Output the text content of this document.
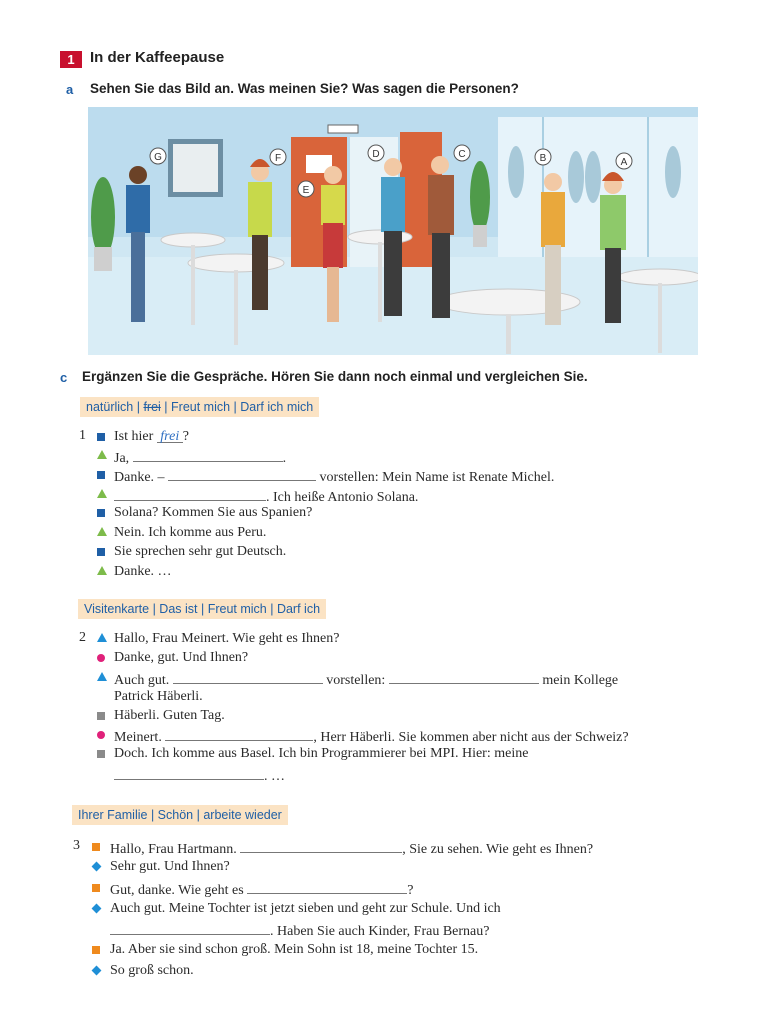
1	In der Kaffeepause
a Sehen Sie das Bild an. Was meinen Sie? Was sagen die Personen?
G	F
E
D	C	B	A
c Ergänzen Sie die Gespräche. Hören Sie dann noch einmal und vergleichen Sie.
natürlich | frei | Freut mich | Darf ich mich
1 Ist hier frei ?
Ja,	.
Danke. –	vorstellen: Mein Name ist Renate Michel.
. Ich heiße Antonio Solana.
Solana? Kommen Sie aus Spanien?
Nein. Ich komme aus Peru.
Sie sprechen sehr gut Deutsch.
Danke. …
Visitenkarte | Das ist | Freut mich | Darf ich
2 Hallo, Frau Meinert. Wie geht es Ihnen?
Danke, gut. Und Ihnen?
Auch gut.	vorstellen:	mein Kollege
Patrick Häberli.
Häberli. Guten Tag.
Meinert.	, Herr Häberli. Sie kommen aber nicht aus der Schweiz?
Doch. Ich komme aus Basel. Ich bin Programmierer bei MPI. Hier: meine
. …
Ihrer Familie | Schön | arbeite wieder
3 Hallo, Frau Hartmann.	, Sie zu sehen. Wie geht es Ihnen?
Sehr gut. Und Ihnen?
Gut, danke. Wie geht es	?
Auch gut. Meine Tochter ist jetzt sieben und geht zur Schule. Und ich
. Haben Sie auch Kinder, Frau Bernau?
Ja. Aber sie sind schon groß. Mein Sohn ist 18, meine Tochter 15.
So groß schon.
